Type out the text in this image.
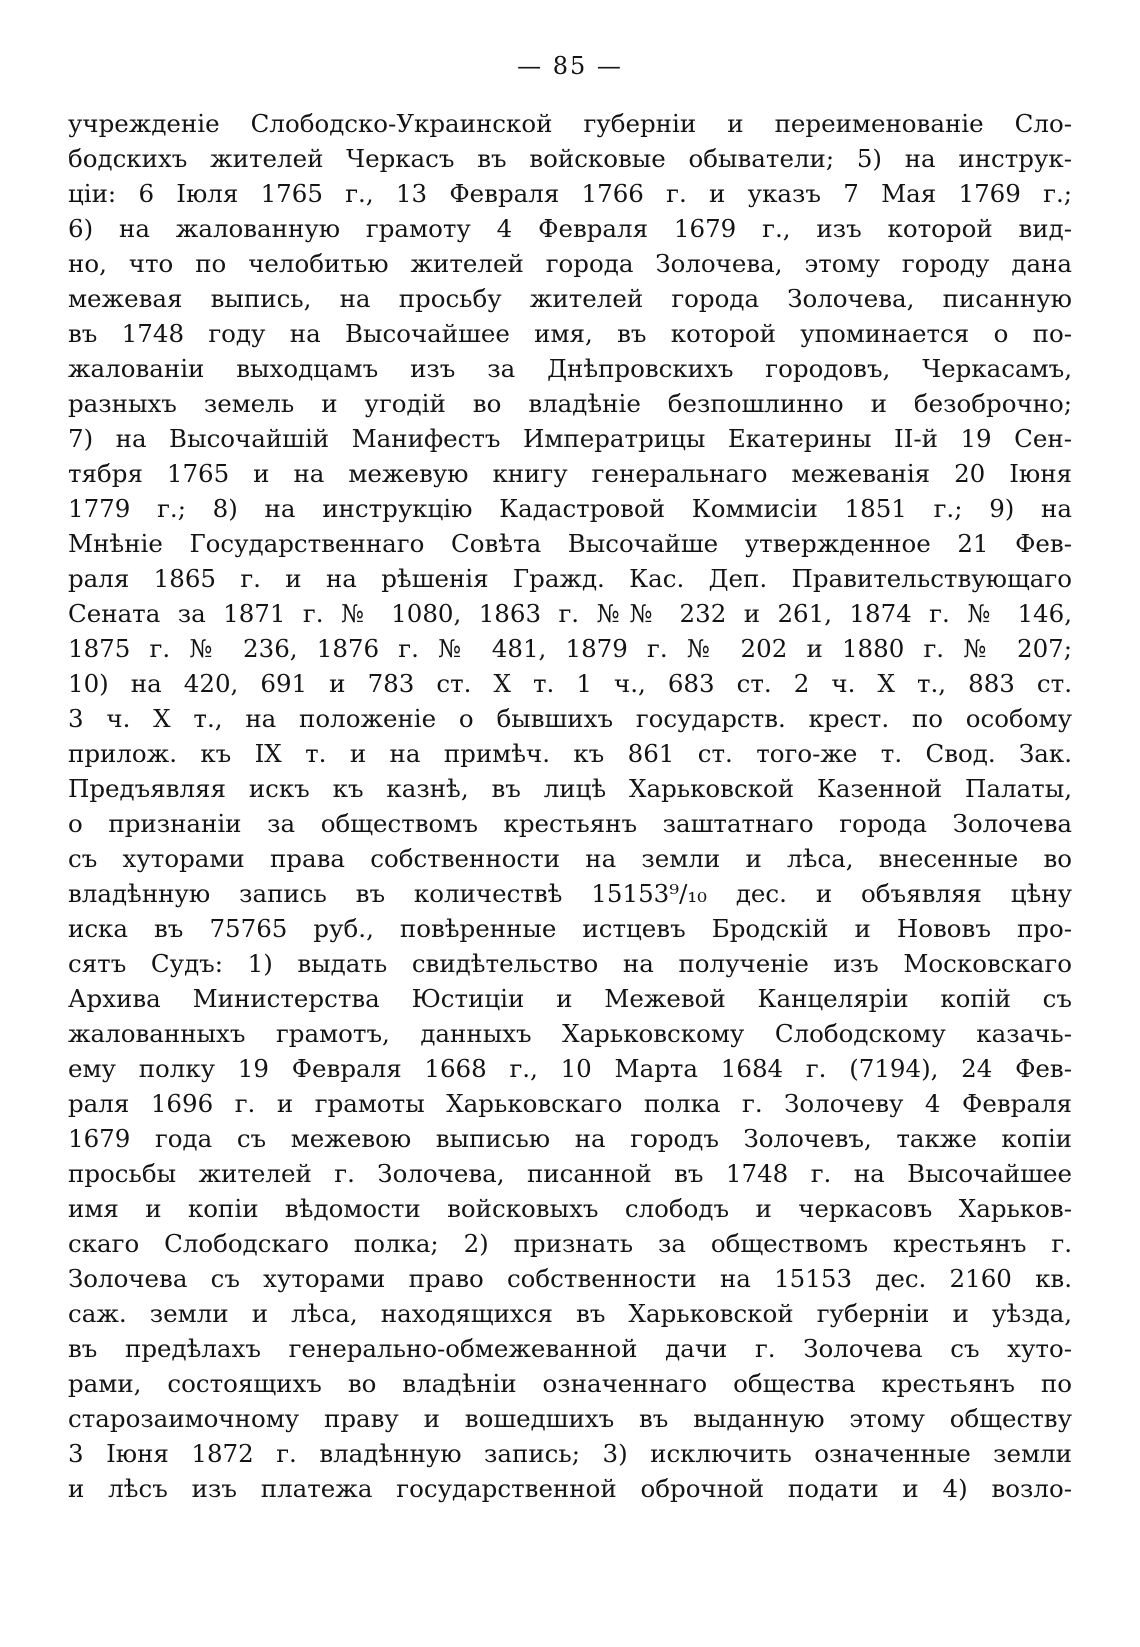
— 85 —
учрежденіе Слободско-Украинской губерніи и переименованіе Сло-
бодскихъ жителей Черкасъ въ войсковые обыватели; 5) на инструк-
ціи: 6 Іюля 1765 г., 13 Февраля 1766 г. и указъ 7 Мая 1769 г.;
6) на жалованную грамоту 4 Февраля 1679 г., изъ которой вид-
но, что по челобитью жителей города Золочева, этому городу дана
межевая выпись, на просьбу жителей города Золочева, писанную
въ 1748 году на Высочайшее имя, въ которой упоминается о по-
жалованіи выходцамъ изъ за Днѣпровскихъ городовъ, Черкасамъ,
разныхъ земель и угодій во владѣніе безпошлинно и безоброчно;
7) на Высочайшій Манифестъ Императрицы Екатерины II-й 19 Сен-
тября 1765 и на межевую книгу генеральнаго межеванія 20 Іюня
1779 г.; 8) на инструкцію Кадастровой Коммисіи 1851 г.; 9) на
Мнѣніе Государственнаго Совѣта Высочайше утвержденное 21 Фев-
раля 1865 г. и на рѣшенія Гражд. Кас. Деп. Правительствующаго
Сената за 1871 г. № 1080, 1863 г. №№ 232 и 261, 1874 г. № 146,
1875 г. № 236, 1876 г. № 481, 1879 г. № 202 и 1880 г. № 207;
10) на 420, 691 и 783 ст. X т. 1 ч., 683 ст. 2 ч. X т., 883 ст.
3 ч. X т., на положеніе о бывшихъ государств. крест. по особому
прилож. къ IX т. и на примѣч. къ 861 ст. того-же т. Свод. Зак.
Предъявляя искъ къ казнѣ, въ лицѣ Харьковской Казенной Палаты,
о признаніи за обществомъ крестьянъ заштатнаго города Золочева
съ хуторами права собственности на земли и лѣса, внесенные во
владѣнную запись въ количествѣ 15153⁹/₁₀ дес. и объявляя цѣну
иска въ 75765 руб., повѣренные истцевъ Бродскій и Нововъ про-
сятъ Судъ: 1) выдать свидѣтельство на полученіе изъ Московскаго
Архива Министерства Юстиціи и Межевой Канцеляріи копій съ
жалованныхъ грамотъ, данныхъ Харьковскому Слободскому казачь-
ему полку 19 Февраля 1668 г., 10 Марта 1684 г. (7194), 24 Фев-
раля 1696 г. и грамоты Харьковскаго полка г. Золочеву 4 Февраля
1679 года съ межевою выписью на городъ Золочевъ, также копіи
просьбы жителей г. Золочева, писанной въ 1748 г. на Высочайшее
имя и копіи вѣдомости войсковыхъ слободъ и черкасовъ Харьков-
скаго Слободскаго полка; 2) признать за обществомъ крестьянъ г.
Золочева съ хуторами право собственности на 15153 дес. 2160 кв.
саж. земли и лѣса, находящихся въ Харьковской губерніи и уѣзда,
въ предѣлахъ генерально-обмежеванной дачи г. Золочева съ хуто-
рами, состоящихъ во владѣніи означеннаго общества крестьянъ по
старозаимочному праву и вошедшихъ въ выданную этому обществу
3 Іюня 1872 г. владѣнную запись; 3) исключить означенные земли
и лѣсъ изъ платежа государственной оброчной подати и 4) возло-
